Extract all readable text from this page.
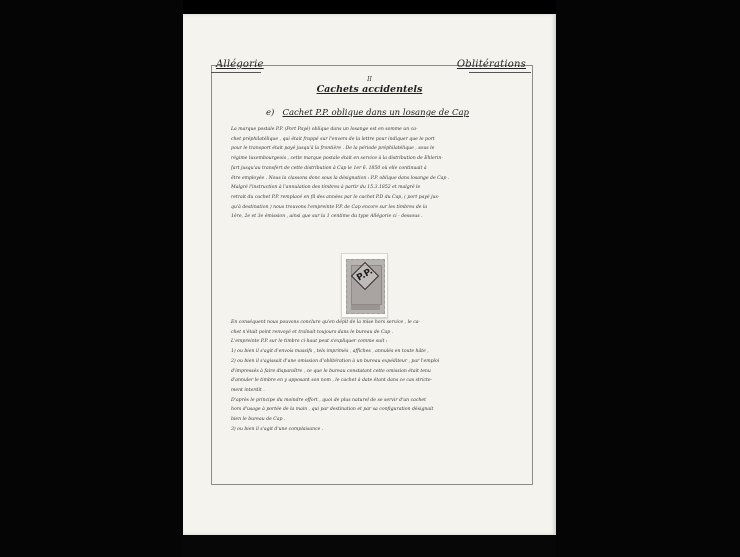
Allégorie	Oblitérations
II
Cachets accidentels
e) Cachet P.P. oblique dans un losange de Cap
La marque postale P.P. (Port Payé) oblique dans un losange est en somme un ca-
chet préphilatélique , qui était frappé sur l'envers de la lettre pour indiquer que le port
pour le transport était payé jusqu'à la frontière . De la période préphilatélique , sous le
régime luxembourgeois , cette marque postale était en service à la distribution de Ehlerin-
fart jusqu'au transfert de cette distribution à Cap le 1er 6. 1850 où elle continuait à
être employée . Nous la classons donc sous la désignation : P.P. oblique dans losange de Cap .
Malgré l'instruction à l'annulation des timbres à partir du 15.3.1852 et malgré le
retrait du cachet P.P. remplacé en fil des années par le cachet P.D du Cap, ( port payé jus-
qu'à destination ) nous trouvons l'empreinte P.P. de Cap encore sur les timbres de la
1ère, 2e et 3e émission , ainsi que sur la 1 centime du type Allégorie ci - dessous .
P.P.
En conséquent nous pouvons conclure qu'en dépit de la mise hors service , le ca-
chet n'était point renvoyé et traînait toujours dans le bureau de Cap .
L'empreinte P.P. sur le timbre ci-haut peut s'expliquer comme suit :
1) ou bien il s'agit d'envois massifs , tels imprimés , affiches , annulés en toute hâte ,
2) ou bien il s'agissait d'une omission d'oblitération à un bureau expéditeur , par l'emploi
d'impressés à faire disparaître , ce que le bureau constatant cette omission était tenu
d'annuler le timbre en y apposant son nom , le cachet à date étant dans ce cas stricte-
ment interdit .
D'après le principe du moindre effort , quoi de plus naturel de se servir d'un cachet
hors d'usage à portée de la main , qui par destination et par sa configuration désignait
bien le bureau de Cap .
3) ou bien il s'agit d'une complaisance .
